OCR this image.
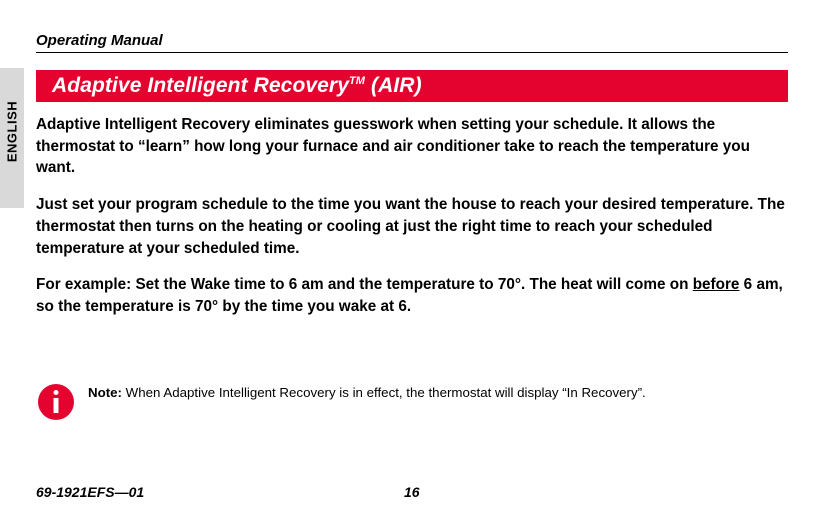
ENGLISH
Operating Manual
Adaptive Intelligent Recovery™ (AIR)

Adaptive Intelligent Recovery eliminates guesswork when setting your schedule. It allows the thermostat to “learn” how long your furnace and air conditioner take to reach the temperature you want.

Just set your program schedule to the time you want the house to reach your desired temperature. The thermostat then turns on the heating or cooling at just the right time to reach your scheduled temperature at your scheduled time.

For example: Set the Wake time to 6 am and the temperature to 70°. The heat will come on before 6 am, so the temperature is 70° by the time you wake at 6.

Note: When Adaptive Intelligent Recovery is in effect, the thermostat will display “In Recovery”.
69-1921EFS—01	16
